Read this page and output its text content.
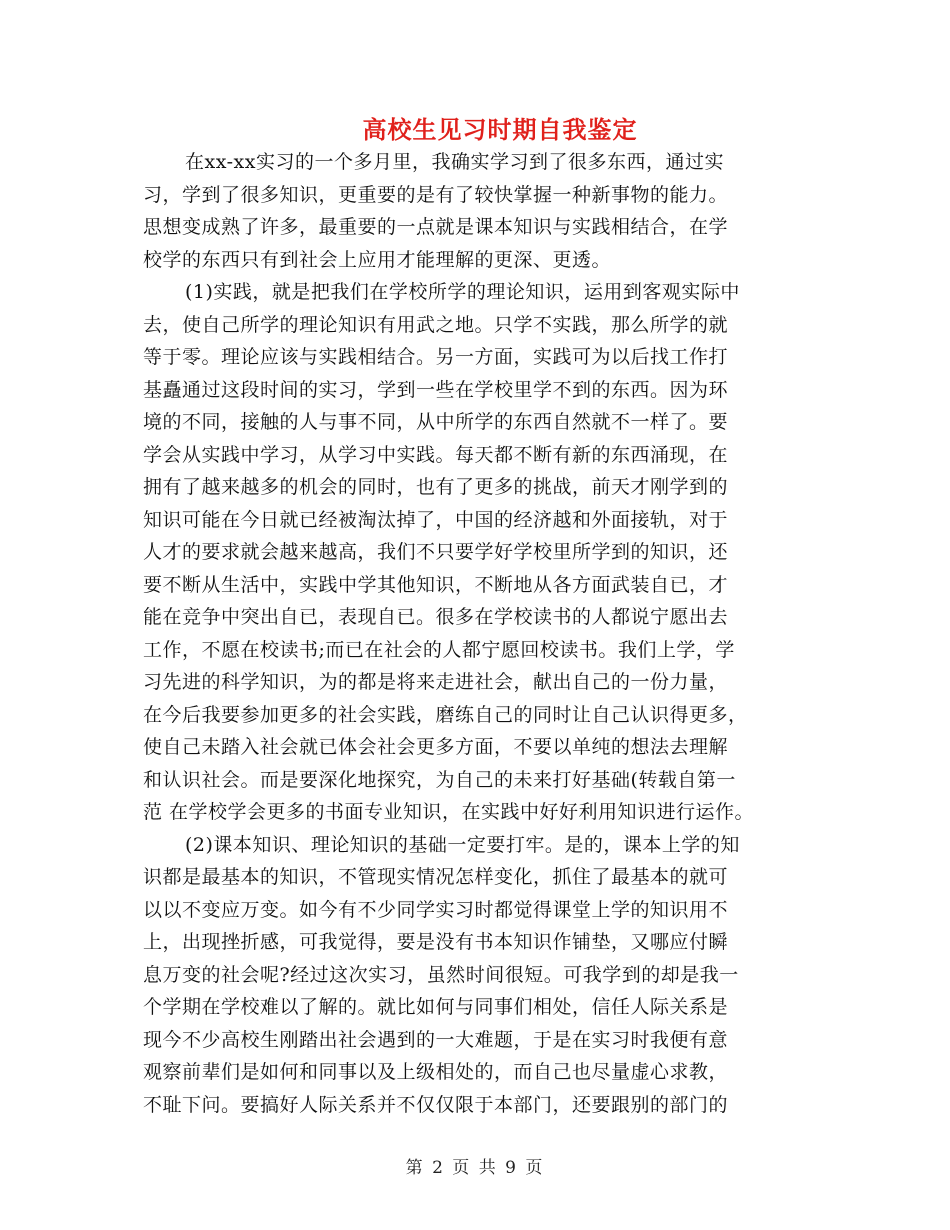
高校生见习时期自我鉴定
在xx-xx实习的一个多月里，我确实学习到了很多东西，通过实
习，学到了很多知识，更重要的是有了较快掌握一种新事物的能力。
思想变成熟了许多，最重要的一点就是课本知识与实践相结合，在学
校学的东西只有到社会上应用才能理解的更深、更透。
(1)实践，就是把我们在学校所学的理论知识，运用到客观实际中
去，使自己所学的理论知识有用武之地。只学不实践，那么所学的就
等于零。理论应该与实践相结合。另一方面，实践可为以后找工作打
基矗通过这段时间的实习，学到一些在学校里学不到的东西。因为环
境的不同，接触的人与事不同，从中所学的东西自然就不一样了。要
学会从实践中学习，从学习中实践。每天都不断有新的东西涌现，在
拥有了越来越多的机会的同时，也有了更多的挑战，前天才刚学到的
知识可能在今日就已经被淘汰掉了，中国的经济越和外面接轨，对于
人才的要求就会越来越高，我们不只要学好学校里所学到的知识，还
要不断从生活中，实践中学其他知识，不断地从各方面武装自已，才
能在竞争中突出自已，表现自已。很多在学校读书的人都说宁愿出去
工作，不愿在校读书;而已在社会的人都宁愿回校读书。我们上学，学
习先进的科学知识，为的都是将来走进社会，献出自己的一份力量，
在今后我要参加更多的社会实践，磨练自己的同时让自己认识得更多，
使自己未踏入社会就已体会社会更多方面，不要以单纯的想法去理解
和认识社会。而是要深化地探究，为自己的未来打好基础(转载自第一
范 在学校学会更多的书面专业知识，在实践中好好利用知识进行运作。
(2)课本知识、理论知识的基础一定要打牢。是的，课本上学的知
识都是最基本的知识，不管现实情况怎样变化，抓住了最基本的就可
以以不变应万变。如今有不少同学实习时都觉得课堂上学的知识用不
上，出现挫折感，可我觉得，要是没有书本知识作铺垫，又哪应付瞬
息万变的社会呢?经过这次实习，虽然时间很短。可我学到的却是我一
个学期在学校难以了解的。就比如何与同事们相处，信任人际关系是
现今不少高校生刚踏出社会遇到的一大难题，于是在实习时我便有意
观察前辈们是如何和同事以及上级相处的，而自己也尽量虚心求教，
不耻下问。要搞好人际关系并不仅仅限于本部门，还要跟别的部门的
第 2 页 共 9 页
